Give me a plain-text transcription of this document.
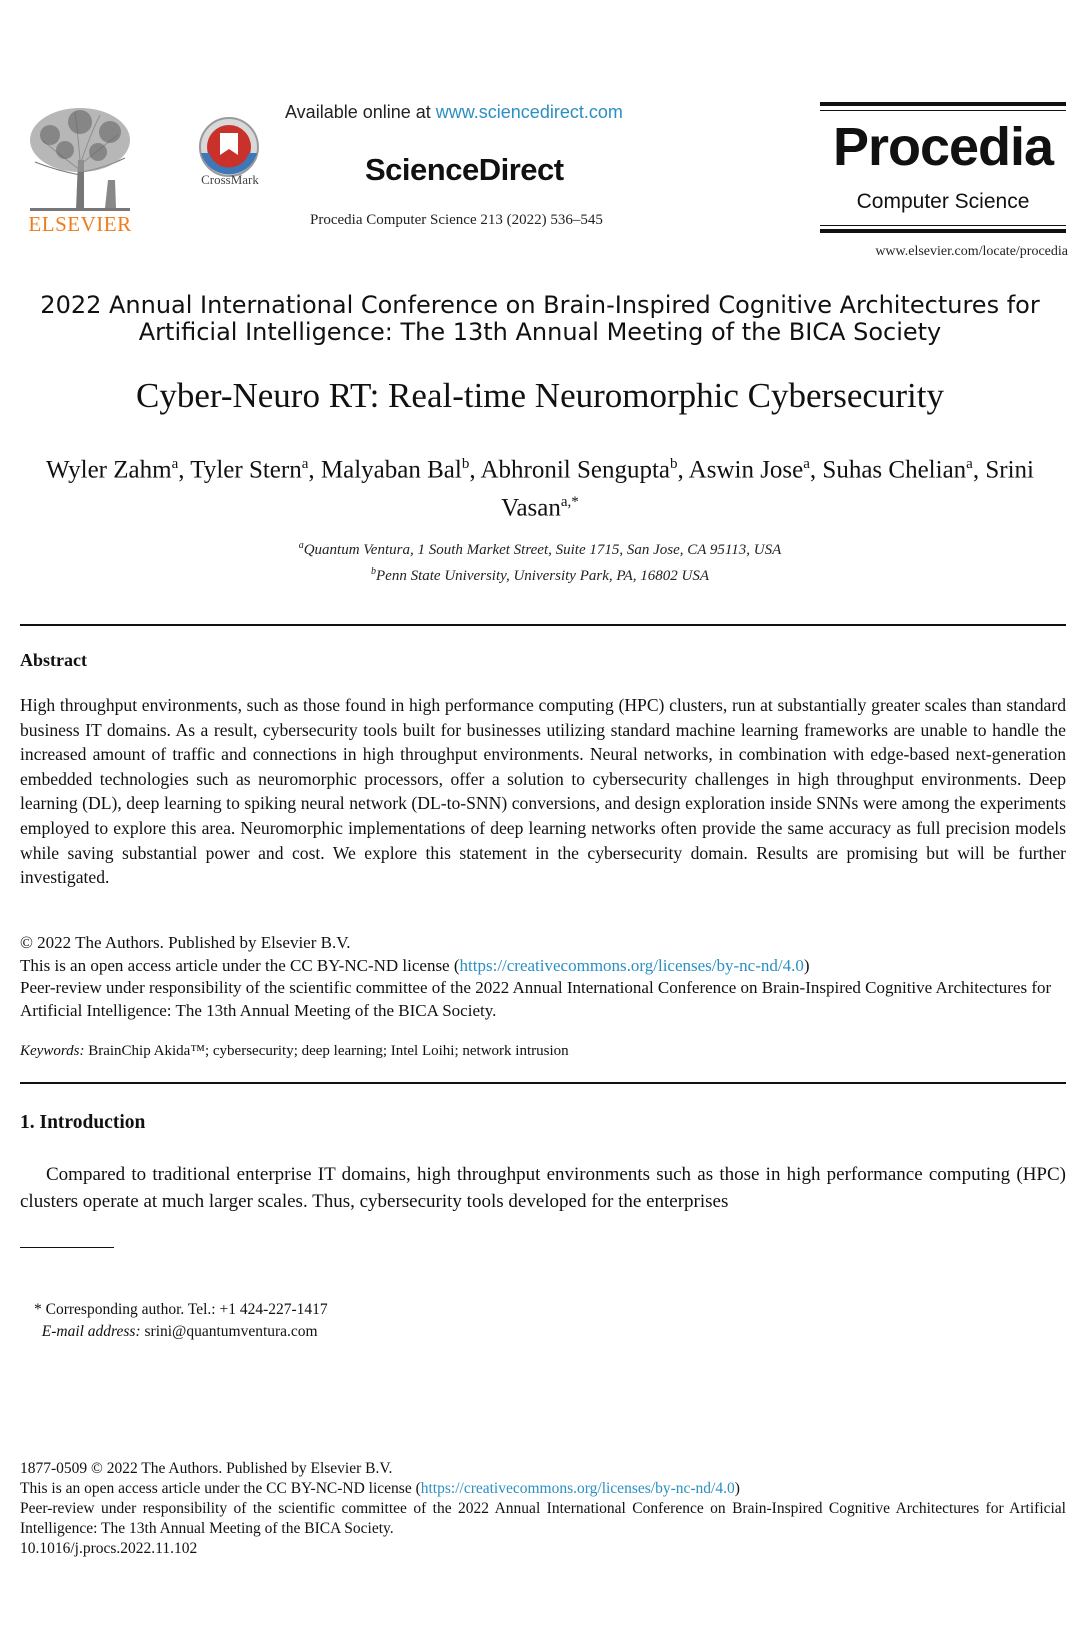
ELSEVIER
CrossMark
Available online at www.sciencedirect.com
ScienceDirect
Procedia Computer Science 213 (2022) 536–545
Procedia
Computer Science
www.elsevier.com/locate/procedia
2022 Annual International Conference on Brain-Inspired Cognitive Architectures for
Artificial Intelligence: The 13th Annual Meeting of the BICA Society
Cyber-Neuro RT: Real-time Neuromorphic Cybersecurity
Wyler Zahm$^a$, Tyler Stern$^a$, Malyaban Bal$^b$, Abhronil Sengupta$^b$, Aswin Jose$^a$, Suhas Chelian$^a$, Srini Vasan$^{a,*}$
$^a$Quantum Ventura, 1 South Market Street, Suite 1715, San Jose, CA 95113, USA
$^b$Penn State University, University Park, PA, 16802 USA
Abstract
High throughput environments, such as those found in high performance computing (HPC) clusters, run at substantially greater scales than standard business IT domains. As a result, cybersecurity tools built for businesses utilizing standard machine learning frameworks are unable to handle the increased amount of traffic and connections in high throughput environments. Neural networks, in combination with edge-based next-generation embedded technologies such as neuromorphic processors, offer a solution to cybersecurity challenges in high throughput environments. Deep learning (DL), deep learning to spiking neural network (DL-to-SNN) conversions, and design exploration inside SNNs were among the experiments employed to explore this area. Neuromorphic implementations of deep learning networks often provide the same accuracy as full precision models while saving substantial power and cost. We explore this statement in the cybersecurity domain. Results are promising but will be further investigated.
© 2022 The Authors. Published by Elsevier B.V.
This is an open access article under the CC BY-NC-ND license (https://creativecommons.org/licenses/by-nc-nd/4.0)
Peer-review under responsibility of the scientific committee of the 2022 Annual International Conference on Brain-Inspired Cognitive Architectures for Artificial Intelligence: The 13th Annual Meeting of the BICA Society.
Keywords: BrainChip Akida™; cybersecurity; deep learning; Intel Loihi; network intrusion
1. Introduction
Compared to traditional enterprise IT domains, high throughput environments such as those in high performance computing (HPC) clusters operate at much larger scales. Thus, cybersecurity tools developed for the enterprises
* Corresponding author. Tel.: +1 424-227-1417
E-mail address: srini@quantumventura.com
1877-0509 © 2022 The Authors. Published by Elsevier B.V.
This is an open access article under the CC BY-NC-ND license (https://creativecommons.org/licenses/by-nc-nd/4.0)
Peer-review under responsibility of the scientific committee of the 2022 Annual International Conference on Brain-Inspired Cognitive Architectures for Artificial Intelligence: The 13th Annual Meeting of the BICA Society.
10.1016/j.procs.2022.11.102
